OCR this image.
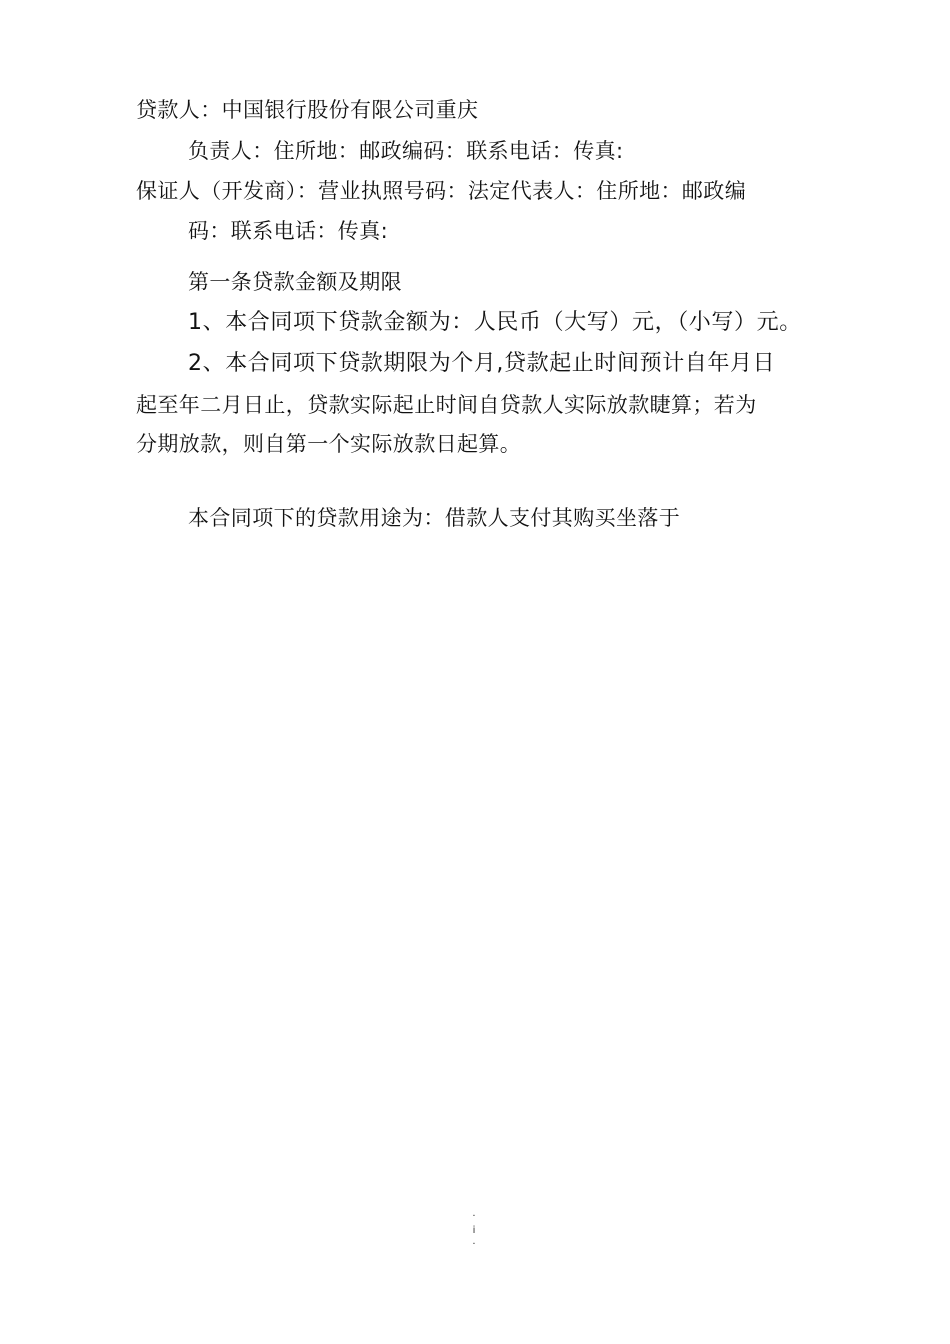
贷款人：中国银行股份有限公司重庆
负责人：住所地：邮政编码：联系电话：传真:
保证人（开发商）：营业执照号码：法定代表人：住所地：邮政编
码：联系电话：传真:
第一条贷款金额及期限
1、本合同项下贷款金额为：人民币（大写）元，（小写）元。
2、本合同项下贷款期限为个月,贷款起止时间预计自年月日
起至年二月日止，贷款实际起止时间自贷款人实际放款睫算；若为
分期放款，则自第一个实际放款日起算。
本合同项下的贷款用途为：借款人支付其购买坐落于
·
i
·
